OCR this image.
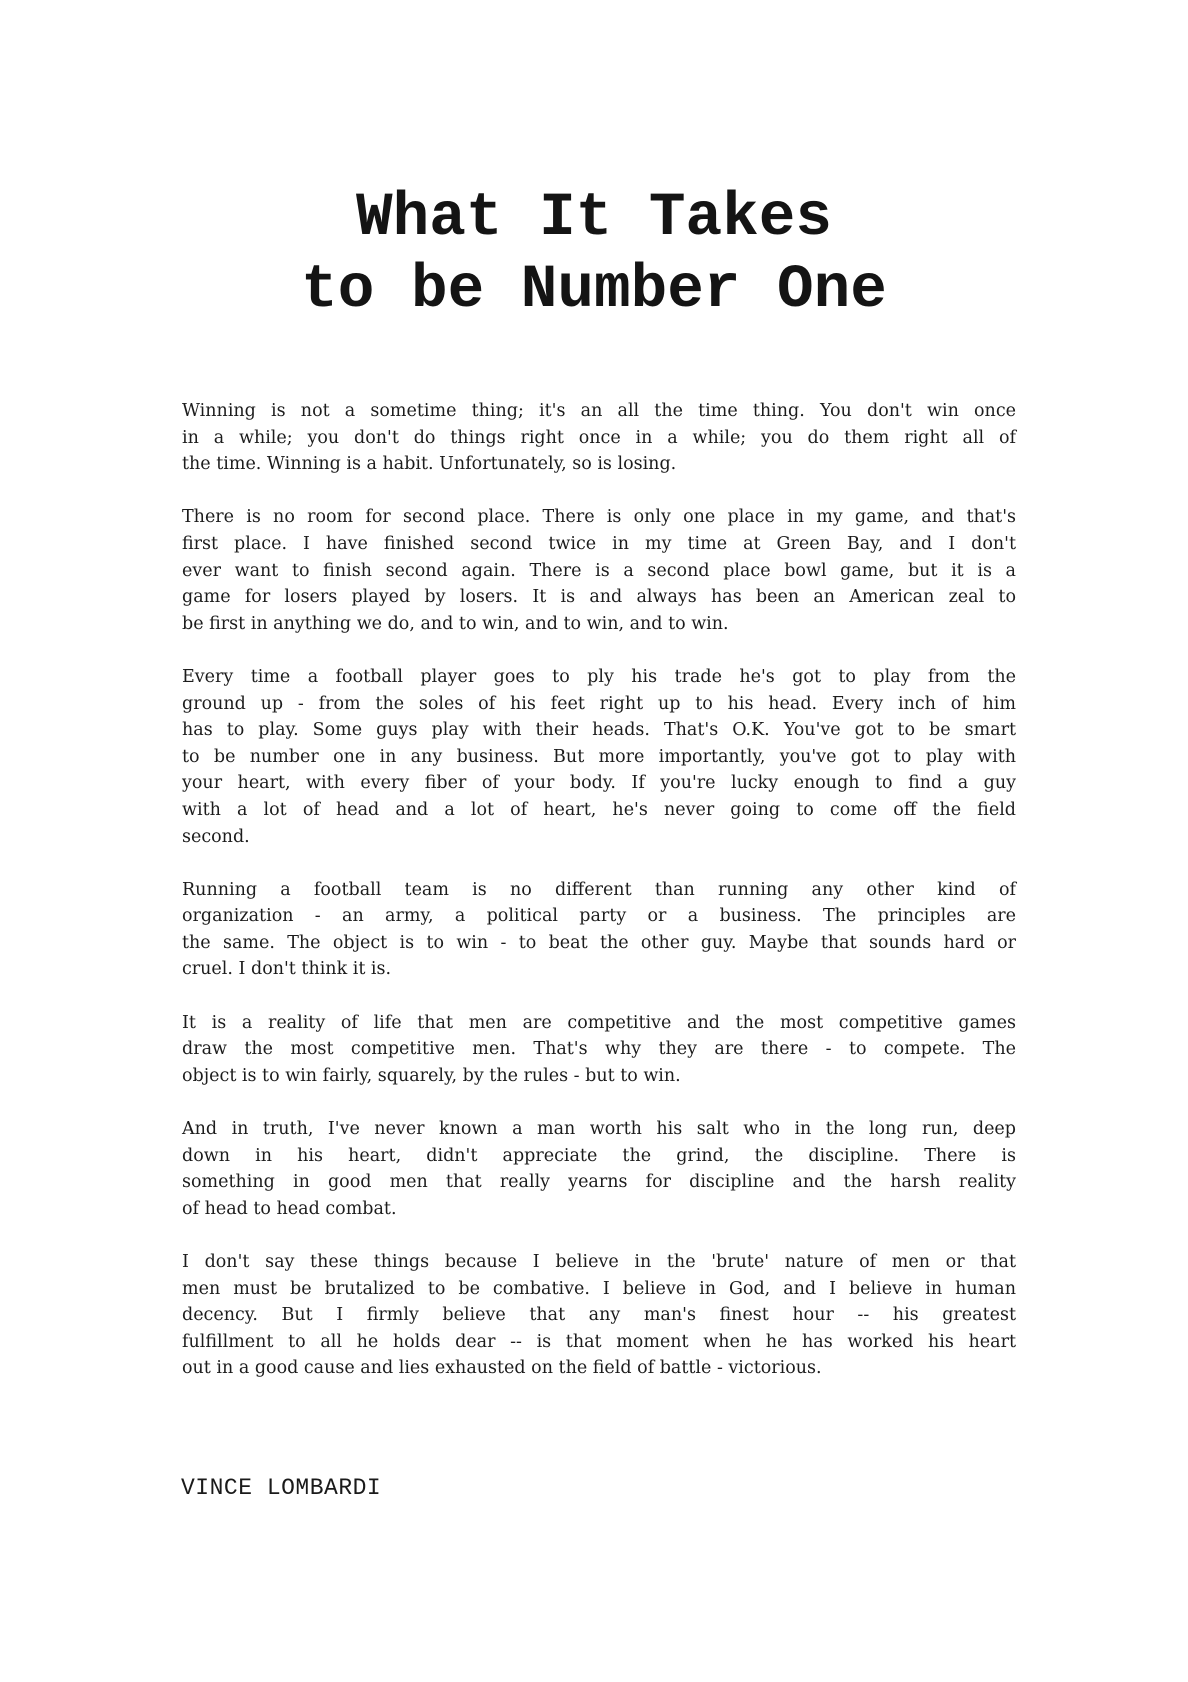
What It Takes
to be Number One

Winning is not a sometime thing; it's an all the time thing. You don't win once
in a while; you don't do things right once in a while; you do them right all of
the time. Winning is a habit. Unfortunately, so is losing.

There is no room for second place. There is only one place in my game, and that's
first place. I have finished second twice in my time at Green Bay, and I don't
ever want to finish second again. There is a second place bowl game, but it is a
game for losers played by losers. It is and always has been an American zeal to
be first in anything we do, and to win, and to win, and to win.

Every time a football player goes to ply his trade he's got to play from the
ground up - from the soles of his feet right up to his head. Every inch of him
has to play. Some guys play with their heads. That's O.K. You've got to be smart
to be number one in any business. But more importantly, you've got to play with
your heart, with every fiber of your body. If you're lucky enough to find a guy
with a lot of head and a lot of heart, he's never going to come off the field
second.

Running a football team is no different than running any other kind of
organization - an army, a political party or a business. The principles are
the same. The object is to win - to beat the other guy. Maybe that sounds hard or
cruel. I don't think it is.

It is a reality of life that men are competitive and the most competitive games
draw the most competitive men. That's why they are there - to compete. The
object is to win fairly, squarely, by the rules - but to win.

And in truth, I've never known a man worth his salt who in the long run, deep
down in his heart, didn't appreciate the grind, the discipline. There is
something in good men that really yearns for discipline and the harsh reality
of head to head combat.

I don't say these things because I believe in the 'brute' nature of men or that
men must be brutalized to be combative. I believe in God, and I believe in human
decency. But I firmly believe that any man's finest hour -- his greatest
fulfillment to all he holds dear -- is that moment when he has worked his heart
out in a good cause and lies exhausted on the field of battle - victorious.

VINCE LOMBARDI
